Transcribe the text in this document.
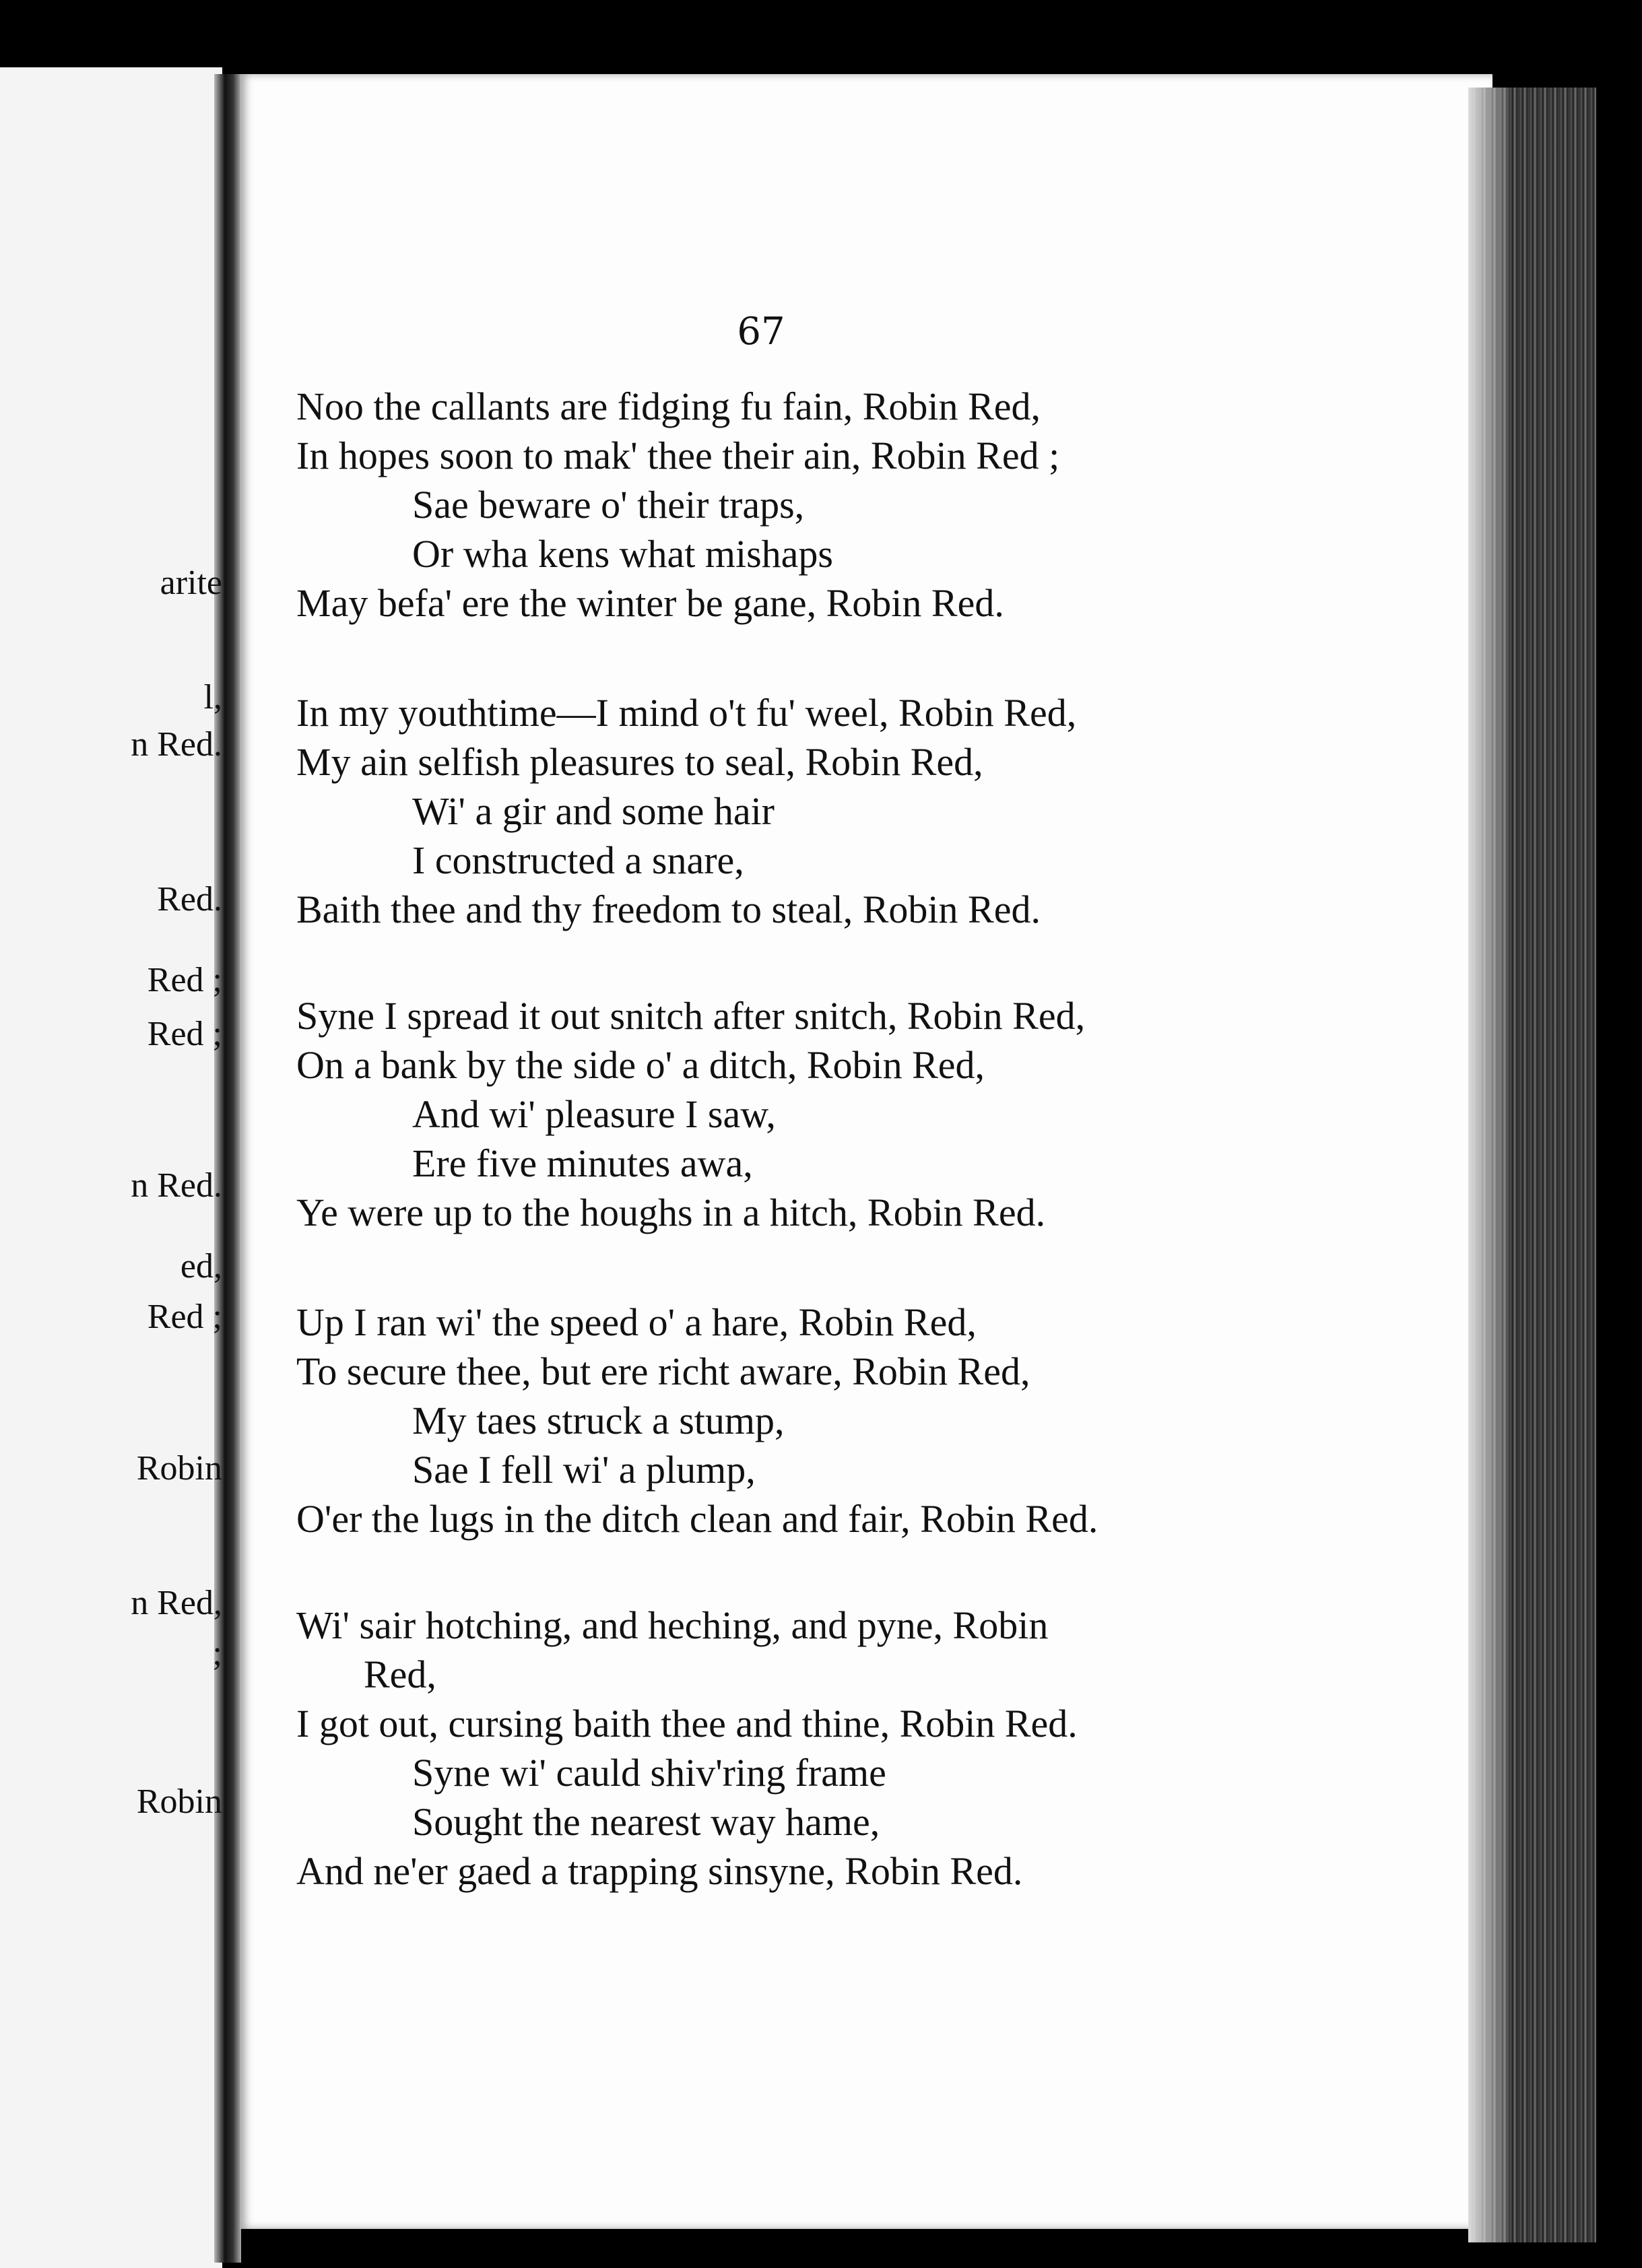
arite
l,
n Red.
Red.
Red ;
Red ;
n Red.
ed,
Red ;
Robin
n Red,
;
Robin
67
Noo the callants are fidging fu fain, Robin Red,
In hopes soon to mak' thee their ain, Robin Red ;
Sae beware o' their traps,
Or wha kens what mishaps
May befa' ere the winter be gane, Robin Red.
In my youthtime—I mind o't fu' weel, Robin Red,
My ain selfish pleasures to seal, Robin Red,
Wi' a gir and some hair
I constructed a snare,
Baith thee and thy freedom to steal, Robin Red.
Syne I spread it out snitch after snitch, Robin Red,
On a bank by the side o' a ditch, Robin Red,
And wi' pleasure I saw,
Ere five minutes awa,
Ye were up to the houghs in a hitch, Robin Red.
Up I ran wi' the speed o' a hare, Robin Red,
To secure thee, but ere richt aware, Robin Red,
My taes struck a stump,
Sae I fell wi' a plump,
O'er the lugs in the ditch clean and fair, Robin Red.
Wi' sair hotching, and heching, and pyne, Robin
Red,
I got out, cursing baith thee and thine, Robin Red.
Syne wi' cauld shiv'ring frame
Sought the nearest way hame,
And ne'er gaed a trapping sinsyne, Robin Red.
